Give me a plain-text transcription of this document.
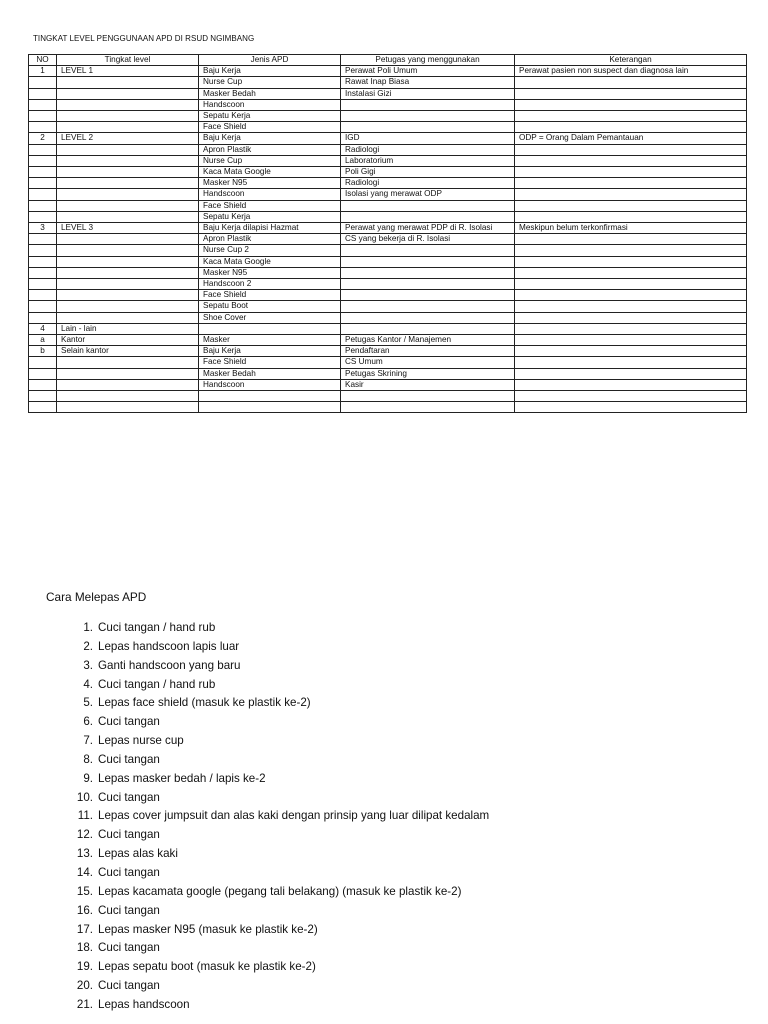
TINGKAT LEVEL PENGGUNAAN APD DI RSUD NGIMBANG
NO	Tingkat level	Jenis APD	Petugas yang menggunakan	Keterangan
1	LEVEL 1	Baju Kerja	Perawat Poli Umum	Perawat pasien non suspect dan diagnosa lain
		Nurse Cup	Rawat Inap Biasa	
		Masker Bedah	Instalasi Gizi	
		Handscoon		
		Sepatu Kerja		
		Face Shield		
2	LEVEL 2	Baju Kerja	IGD	ODP = Orang Dalam Pemantauan
		Apron Plastik	Radiologi	
		Nurse Cup	Laboratorium	
		Kaca Mata Google	Poli Gigi	
		Masker N95	Radiologi	
		Handscoon	Isolasi yang merawat ODP	
		Face Shield		
		Sepatu Kerja		
3	LEVEL 3	Baju Kerja dilapisi Hazmat	Perawat yang merawat PDP di R. Isolasi	Meskipun belum terkonfirmasi
		Apron Plastik	CS yang bekerja di R. Isolasi	
		Nurse Cup 2		
		Kaca Mata Google		
		Masker N95		
		Handscoon 2		
		Face Shield		
		Sepatu Boot		
		Shoe Cover		
4	Lain - lain			
a	Kantor	Masker	Petugas Kantor / Manajemen	
b	Selain kantor	Baju Kerja	Pendaftaran	
		Face Shield	CS Umum	
		Masker Bedah	Petugas Skrining	
		Handscoon	Kasir	

Cara Melepas APD
1. Cuci tangan / hand rub
2. Lepas handscoon lapis luar
3. Ganti handscoon yang baru
4. Cuci tangan / hand rub
5. Lepas face shield (masuk ke plastik ke-2)
6. Cuci tangan
7. Lepas nurse cup
8. Cuci tangan
9. Lepas masker bedah / lapis ke-2
10. Cuci tangan
11. Lepas cover jumpsuit dan alas kaki dengan prinsip yang luar dilipat kedalam
12. Cuci tangan
13. Lepas alas kaki
14. Cuci tangan
15. Lepas kacamata google (pegang tali belakang) (masuk ke plastik ke-2)
16. Cuci tangan
17. Lepas masker N95 (masuk ke plastik ke-2)
18. Cuci tangan
19. Lepas sepatu boot (masuk ke plastik ke-2)
20. Cuci tangan
21. Lepas handscoon
